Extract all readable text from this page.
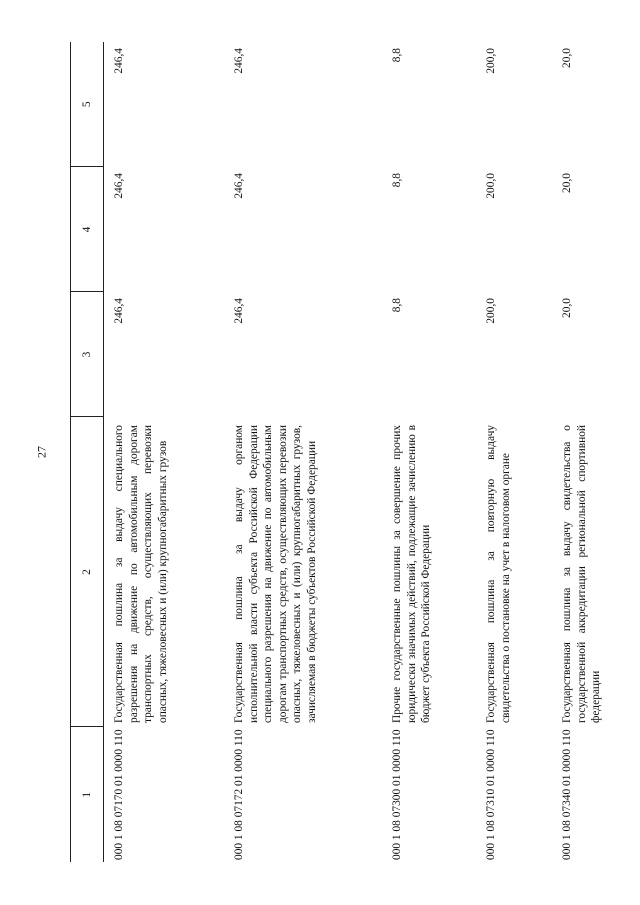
27
1	2	3	4	5
000 1 08 07170 01 0000 110	Государственная пошлина за выдачу специального разрешения на движение по автомобильным дорогам транспортных средств, осуществляющих перевозки опасных, тяжеловесных и (или) крупногабаритных грузов	246,4	246,4	246,4
000 1 08 07172 01 0000 110	Государственная пошлина за выдачу органом исполнительной власти субъекта Российской Федерации специального разрешения на движение по автомобильным дорогам транспортных средств, осуществляющих перевозки опасных, тяжеловесных и (или) крупногабаритных грузов, зачисляемая в бюджеты субъектов Российской Федерации	246,4	246,4	246,4
000 1 08 07300 01 0000 110	Прочие государственные пошлины за совершение прочих юридически значимых действий, подлежащие зачислению в бюджет субъекта Российской Федерации	8,8	8,8	8,8
000 1 08 07310 01 0000 110	Государственная пошлина за повторную выдачу свидетельства о постановке на учет в налоговом органе	200,0	200,0	200,0
000 1 08 07340 01 0000 110	Государственная пошлина за выдачу свидетельства о государственной аккредитации региональной спортивной федерации	20,0	20,0	20,0
